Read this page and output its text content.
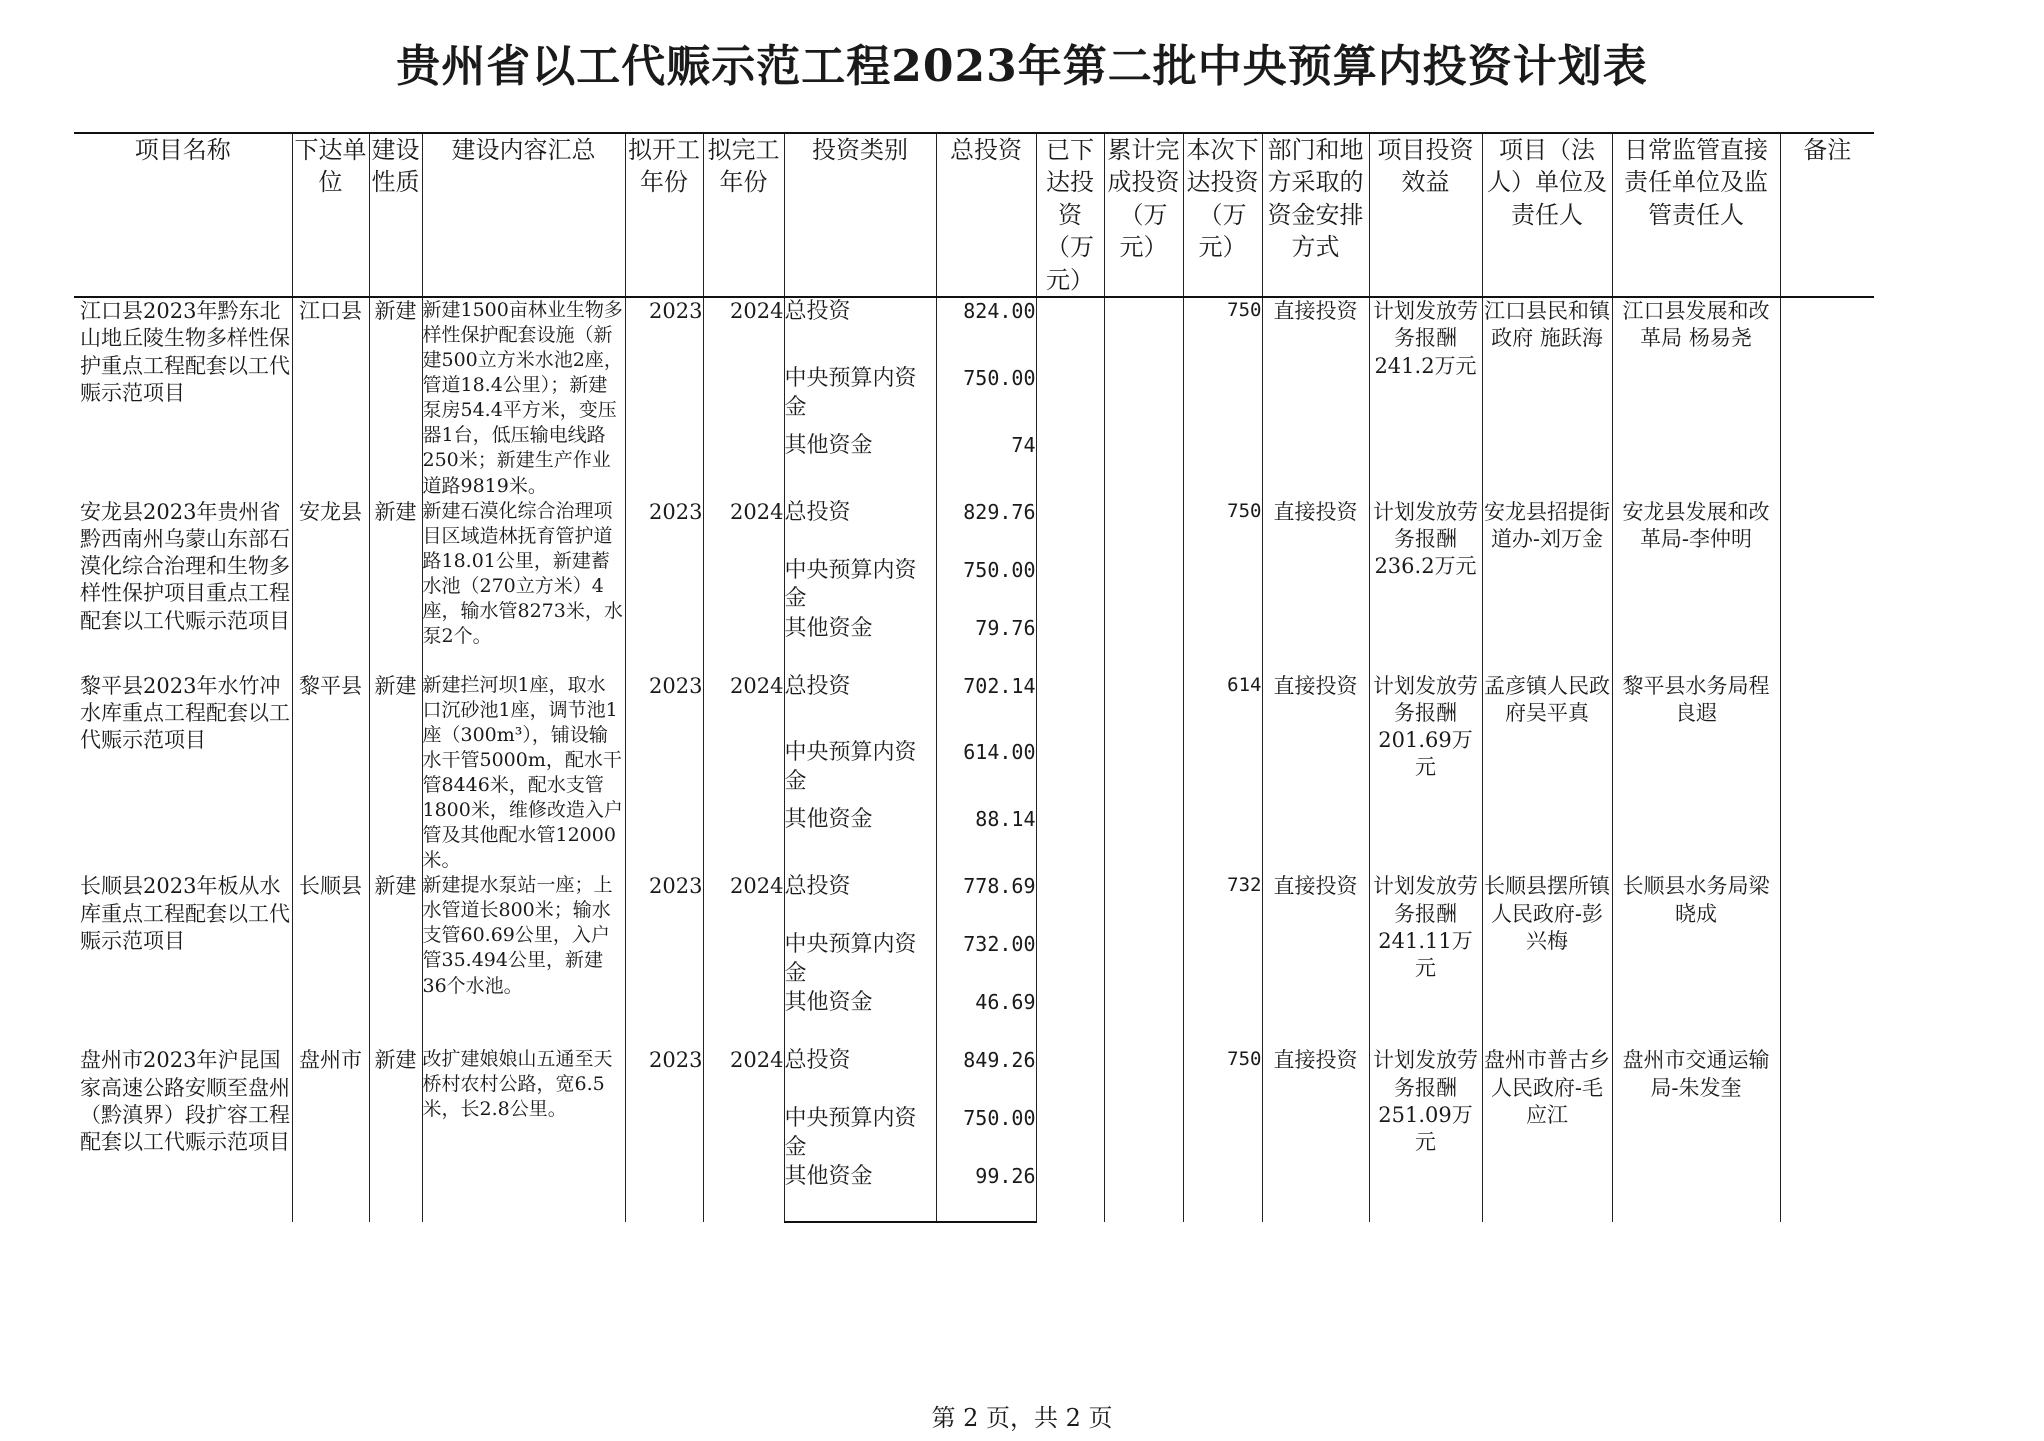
贵州省以工代赈示范工程2023年第二批中央预算内投资计划表
项目名称	下达单位	建设性质	建设内容汇总	拟开工年份	拟完工年份	投资类别	总投资	已下达投资（万元）	累计完成投资（万元）	本次下达投资（万元）	部门和地方采取的资金安排方式	项目投资效益	项目（法人）单位及责任人	日常监管直接责任单位及监管责任人	备注
江口县2023年黔东北山地丘陵生物多样性保护重点工程配套以工代赈示范项目	江口县	新建	新建1500亩林业生物多样性保护配套设施（新建500立方米水池2座，管道18.4公里）；新建泵房54.4平方米，变压器1台，低压输电线路250米；新建生产作业道路9819米。	2023	2024	总投资	824.00			750	直接投资	计划发放劳务报酬241.2万元	江口县民和镇政府 施跃海	江口县发展和改革局 杨易尧	
						中央预算内资金	750.00								
						其他资金	74								
安龙县2023年贵州省黔西南州乌蒙山东部石漠化综合治理和生物多样性保护项目重点工程配套以工代赈示范项目	安龙县	新建	新建石漠化综合治理项目区域造林抚育管护道路18.01公里，新建蓄水池（270立方米）4座，输水管8273米，水泵2个。	2023	2024	总投资	829.76			750	直接投资	计划发放劳务报酬236.2万元	安龙县招提街道办-刘万金	安龙县发展和改革局-李仲明	
						中央预算内资金	750.00								
						其他资金	79.76								
黎平县2023年水竹冲水库重点工程配套以工代赈示范项目	黎平县	新建	新建拦河坝1座，取水口沉砂池1座，调节池1座（300m³），铺设输水干管5000m，配水干管8446米，配水支管1800米，维修改造入户管及其他配水管12000米。	2023	2024	总投资	702.14			614	直接投资	计划发放劳务报酬201.69万元	孟彦镇人民政府吴平真	黎平县水务局程良遐	
						中央预算内资金	614.00								
						其他资金	88.14								
长顺县2023年板从水库重点工程配套以工代赈示范项目	长顺县	新建	新建提水泵站一座；上水管道长800米；输水支管60.69公里，入户管35.494公里，新建36个水池。	2023	2024	总投资	778.69			732	直接投资	计划发放劳务报酬241.11万元	长顺县摆所镇人民政府-彭兴梅	长顺县水务局梁晓成	
						中央预算内资金	732.00								
						其他资金	46.69								
盘州市2023年沪昆国家高速公路安顺至盘州（黔滇界）段扩容工程配套以工代赈示范项目	盘州市	新建	改扩建娘娘山五通至天桥村农村公路，宽6.5米，长2.8公里。	2023	2024	总投资	849.26			750	直接投资	计划发放劳务报酬251.09万元	盘州市普古乡人民政府-毛应江	盘州市交通运输局-朱发奎	
						中央预算内资金	750.00								
						其他资金	99.26								
第 2 页，共 2 页
